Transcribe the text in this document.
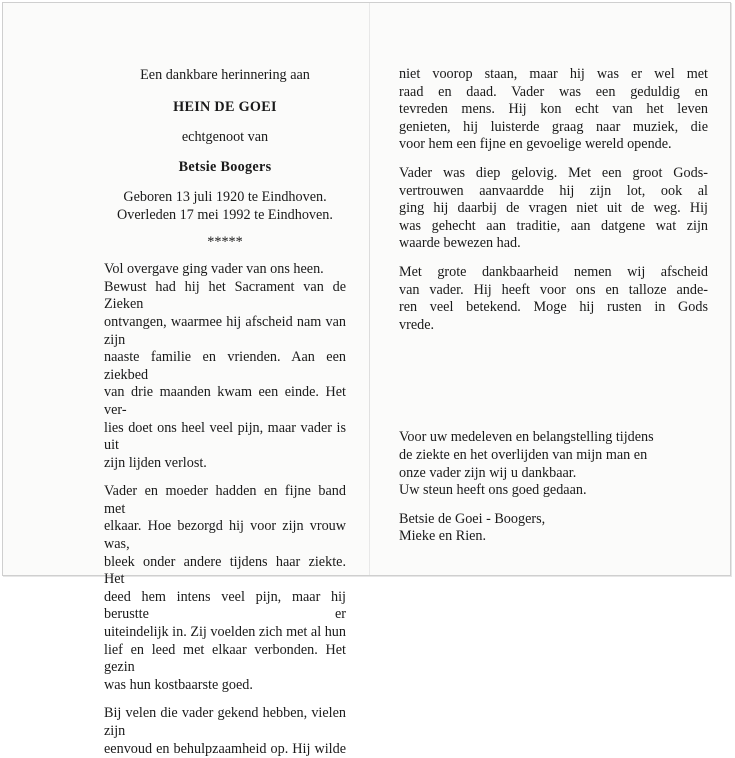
Een dankbare herinnering aan

HEIN DE GOEI

echtgenoot van

Betsie Boogers

Geboren 13 juli 1920 te Eindhoven.

Overleden 17 mei 1992 te Eindhoven.

*****

Vol overgave ging vader van ons heen.
Bewust had hij het Sacrament van de Zieken
ontvangen, waarmee hij afscheid nam van zijn
naaste familie en vrienden. Aan een ziekbed
van drie maanden kwam een einde. Het ver-
lies doet ons heel veel pijn, maar vader is uit
zijn lijden verlost.

Vader en moeder hadden en fijne band met
elkaar. Hoe bezorgd hij voor zijn vrouw was,
bleek onder andere tijdens haar ziekte. Het
deed hem intens veel pijn, maar hij berustte er
uiteindelijk in. Zij voelden zich met al hun
lief en leed met elkaar verbonden. Het gezin
was hun kostbaarste goed.

Bij velen die vader gekend hebben, vielen zijn
eenvoud en behulpzaamheid op. Hij wilde

niet voorop staan, maar hij was er wel met
raad en daad. Vader was een geduldig en
tevreden mens. Hij kon echt van het leven
genieten, hij luisterde graag naar muziek, die
voor hem een fijne en gevoelige wereld opende.

Vader was diep gelovig. Met een groot Gods-
vertrouwen aanvaardde hij zijn lot, ook al
ging hij daarbij de vragen niet uit de weg. Hij
was gehecht aan traditie, aan datgene wat zijn
waarde bewezen had.

Met grote dankbaarheid nemen wij afscheid
van vader. Hij heeft voor ons en talloze ande-
ren veel betekend. Moge hij rusten in Gods
vrede.

Voor uw medeleven en belangstelling tijdens
de ziekte en het overlijden van mijn man en
onze vader zijn wij u dankbaar.
Uw steun heeft ons goed gedaan.

Betsie de Goei - Boogers,
Mieke en Rien.
